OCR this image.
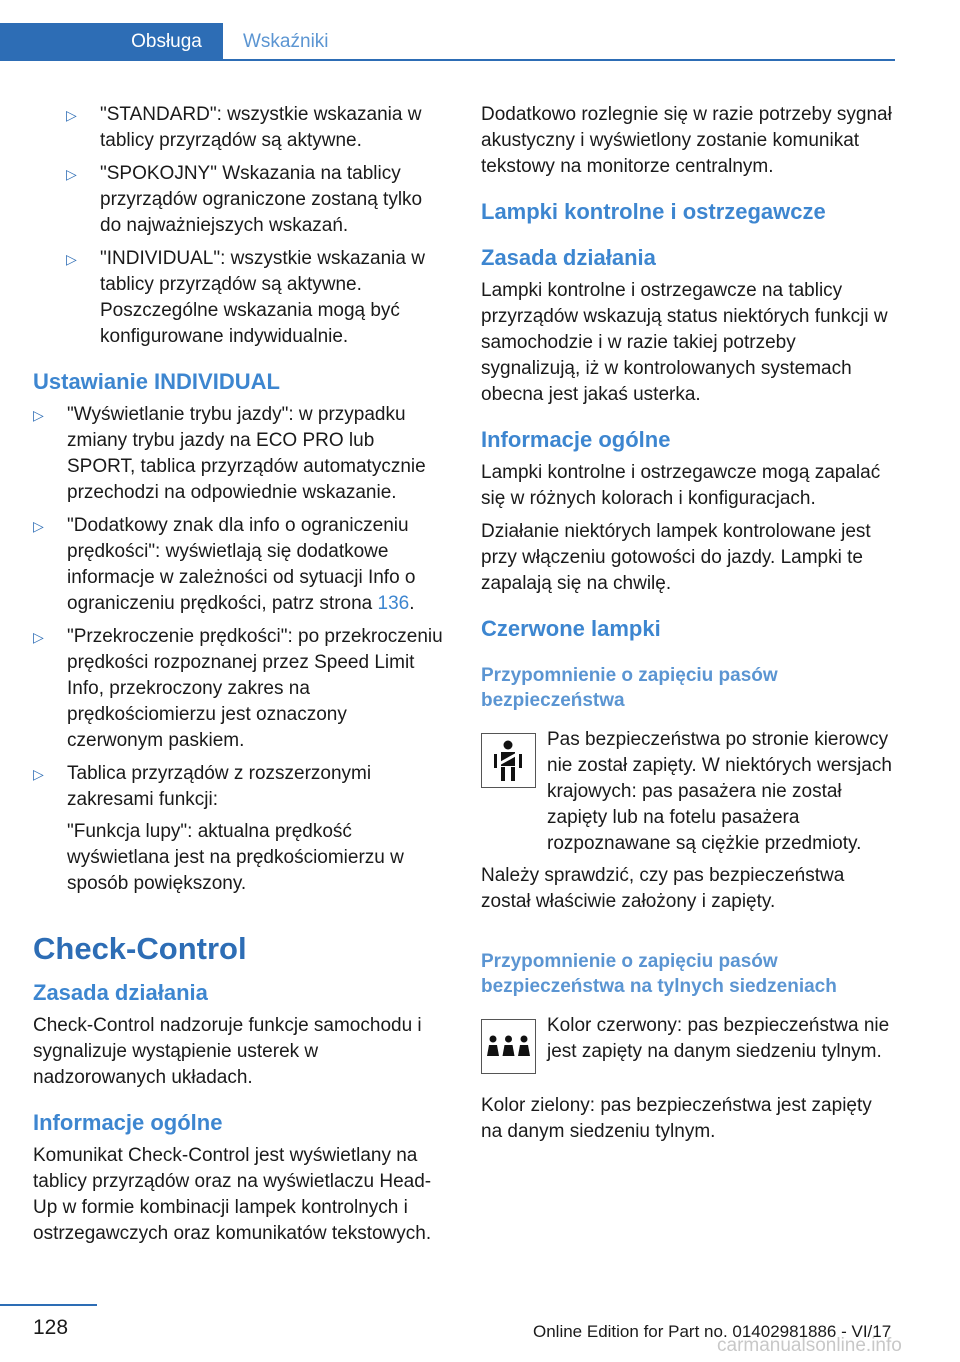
Obsługa	Wskaźniki
▷ "STANDARD": wszystkie wskazania w tablicy przyrządów są aktywne.
▷ "SPOKOJNY" Wskazania na tablicy przyrządów ograniczone zostaną tylko do najważniejszych wskazań.
▷ "INDIVIDUAL": wszystkie wskazania w tablicy przyrządów są aktywne. Poszczególne wskazania mogą być konfigurowane indywidualnie.
Ustawianie INDIVIDUAL
▷ "Wyświetlanie trybu jazdy": w przypadku zmiany trybu jazdy na ECO PRO lub SPORT, tablica przyrządów automatycznie przechodzi na odpowiednie wskazanie.
▷ "Dodatkowy znak dla info o ograniczeniu prędkości": wyświetlają się dodatkowe informacje w zależności od sytuacji Info o ograniczeniu prędkości, patrz strona 136.
▷ "Przekroczenie prędkości": po przekroczeniu prędkości rozpoznanej przez Speed Limit Info, przekroczony zakres na prędkościomierzu jest oznaczony czerwonym paskiem.
▷ Tablica przyrządów z rozszerzonymi zakresami funkcji:
"Funkcja lupy": aktualna prędkość wyświetlana jest na prędkościomierzu w sposób powiększony.
Check-Control
Zasada działania

Check-Control nadzoruje funkcje samochodu i sygnalizuje wystąpienie usterek w nadzorowanych układach.

Informacje ogólne

Komunikat Check-Control jest wyświetlany na tablicy przyrządów oraz na wyświetlaczu Head-Up w formie kombinacji lampek kontrolnych i ostrzegawczych oraz komunikatów tekstowych.

Dodatkowo rozlegnie się w razie potrzeby sygnał akustyczny i wyświetlony zostanie komunikat tekstowy na monitorze centralnym.

Lampki kontrolne i ostrzegawcze
Zasada działania

Lampki kontrolne i ostrzegawcze na tablicy przyrządów wskazują status niektórych funkcji w samochodzie i w razie takiej potrzeby sygnalizują, iż w kontrolowanych systemach obecna jest jakaś usterka.

Informacje ogólne

Lampki kontrolne i ostrzegawcze mogą zapalać się w różnych kolorach i konfiguracjach.

Działanie niektórych lampek kontrolowane jest przy włączeniu gotowości do jazdy. Lampki te zapalają się na chwilę.

Czerwone lampki
Przypomnienie o zapięciu pasów bezpieczeństwa
Pas bezpieczeństwa po stronie kierowcy nie został zapięty. W niektórych wersjach krajowych: pas pasażera nie został zapięty lub na fotelu pasażera rozpoznawane są ciężkie przedmioty.

Należy sprawdzić, czy pas bezpieczeństwa został właściwie założony i zapięty.

Przypomnienie o zapięciu pasów bezpieczeństwa na tylnych siedzeniach
Kolor czerwony: pas bezpieczeństwa nie jest zapięty na danym siedzeniu tylnym.

Kolor zielony: pas bezpieczeństwa jest zapięty na danym siedzeniu tylnym.

128	Online Edition for Part no. 01402981886 - VI/17
carmanualsonline.info
